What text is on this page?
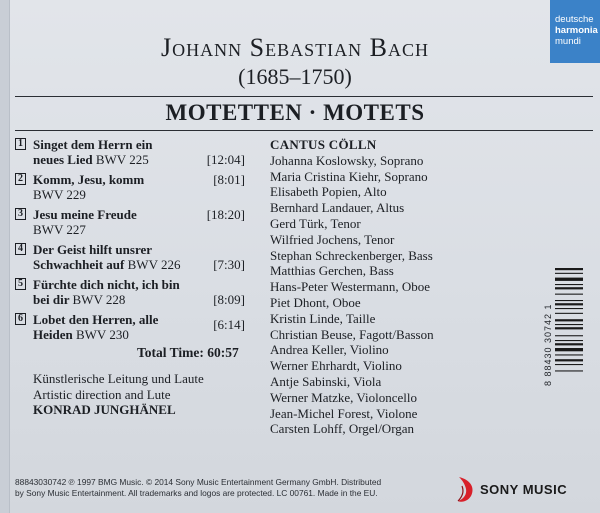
deutsche
harmonia
mundi
Johann Sebastian Bach
(1685–1750)
MOTETTEN · MOTETS
1 Singet dem Herrn ein
neues Lied BWV 225	[12:04]
2 Komm, Jesu, komm
BWV 229
[8:01]
3 Jesu meine Freude
BWV 227
[18:20]
4 Der Geist hilft unsrer
Schwachheit auf BWV 226	[7:30]
5 Fürchte dich nicht, ich bin
bei dir BWV 228	[8:09]
6 Lobet den Herren, alle
Heiden BWV 230
[6:14]
Total Time: 60:57
Künstlerische Leitung und Laute
Artistic direction and Lute
KONRAD JUNGHÄNEL
CANTUS CÖLLN
Johanna Koslowsky, Soprano
Maria Cristina Kiehr, Soprano
Elisabeth Popien, Alto
Bernhard Landauer, Altus
Gerd Türk, Tenor
Wilfried Jochens, Tenor
Stephan Schreckenberger, Bass
Matthias Gerchen, Bass
Hans-Peter Westermann, Oboe
Piet Dhont, Oboe
Kristin Linde, Taille
Christian Beuse, Fagott/Basson
Andrea Keller, Violino
Werner Ehrhardt, Violino
Antje Sabinski, Viola
Werner Matzke, Violoncello
Jean-Michel Forest, Violone
Carsten Lohff, Orgel/Organ
8 88430 30742 1
88843030742 ℗ 1997 BMG Music. © 2014 Sony Music Entertainment Germany GmbH. Distributed
by Sony Music Entertainment. All trademarks and logos are protected. LC 00761. Made in the EU.	SONY MUSIC
